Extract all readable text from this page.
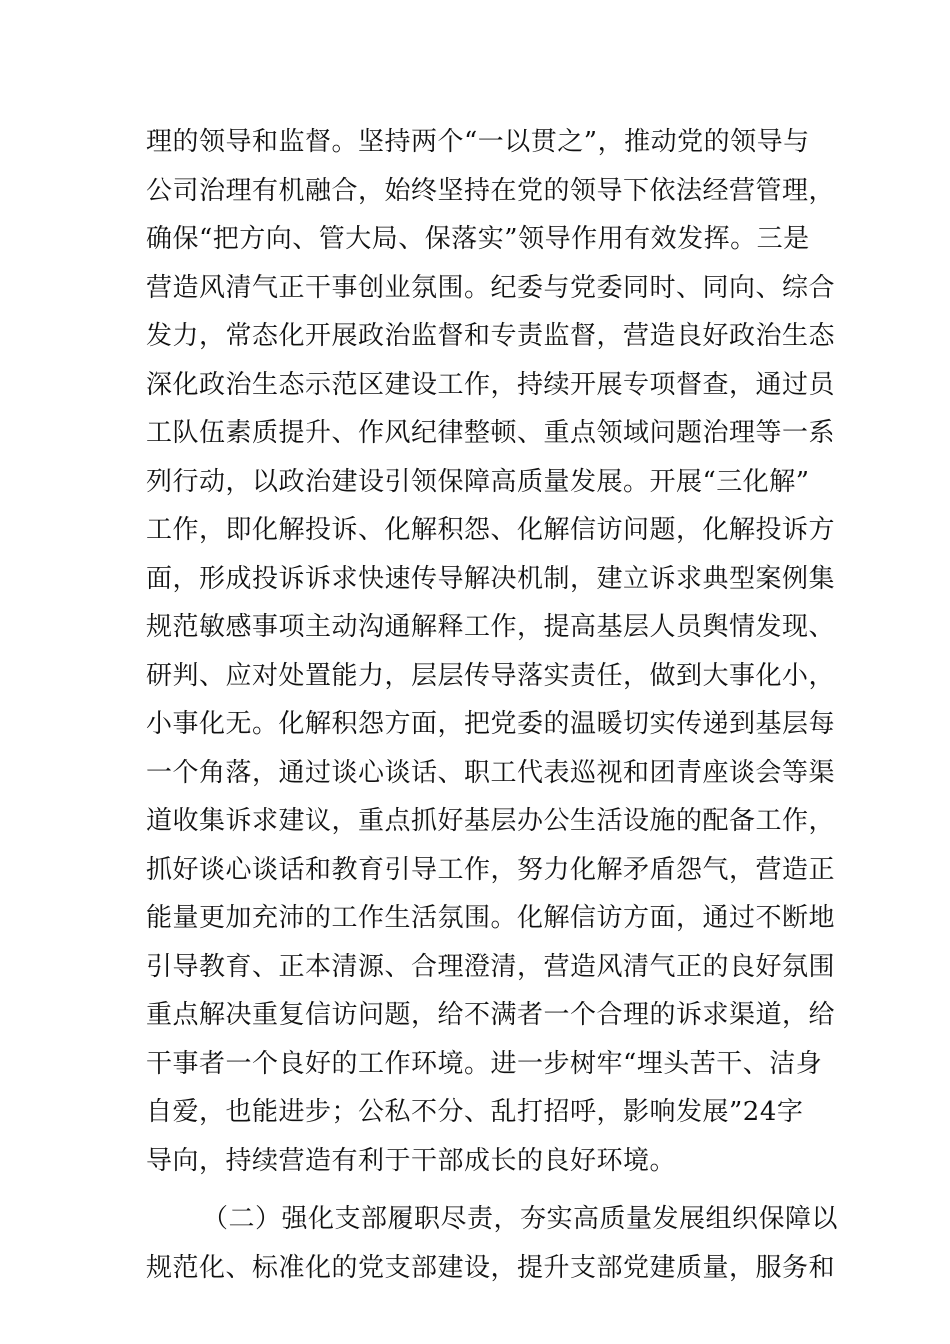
理的领导和监督。坚持两个“一以贯之”，推动党的领导与
公司治理有机融合，始终坚持在党的领导下依法经营管理，
确保“把方向、管大局、保落实”领导作用有效发挥。三是
营造风清气正干事创业氛围。纪委与党委同时、同向、综合
发力，常态化开展政治监督和专责监督，营造良好政治生态
深化政治生态示范区建设工作，持续开展专项督查，通过员
工队伍素质提升、作风纪律整顿、重点领域问题治理等一系
列行动，以政治建设引领保障高质量发展。开展“三化解”
工作，即化解投诉、化解积怨、化解信访问题，化解投诉方
面，形成投诉诉求快速传导解决机制，建立诉求典型案例集
规范敏感事项主动沟通解释工作，提高基层人员舆情发现、
研判、应对处置能力，层层传导落实责任，做到大事化小，
小事化无。化解积怨方面，把党委的温暖切实传递到基层每
一个角落，通过谈心谈话、职工代表巡视和团青座谈会等渠
道收集诉求建议，重点抓好基层办公生活设施的配备工作，
抓好谈心谈话和教育引导工作，努力化解矛盾怨气，营造正
能量更加充沛的工作生活氛围。化解信访方面，通过不断地
引导教育、正本清源、合理澄清，营造风清气正的良好氛围
重点解决重复信访问题，给不满者一个合理的诉求渠道，给
干事者一个良好的工作环境。进一步树牢“埋头苦干、洁身
自爱，也能进步；公私不分、乱打招呼，影响发展”24字
导向，持续营造有利于干部成长的良好环境。
（二）强化支部履职尽责，夯实高质量发展组织保障以
规范化、标准化的党支部建设，提升支部党建质量，服务和
